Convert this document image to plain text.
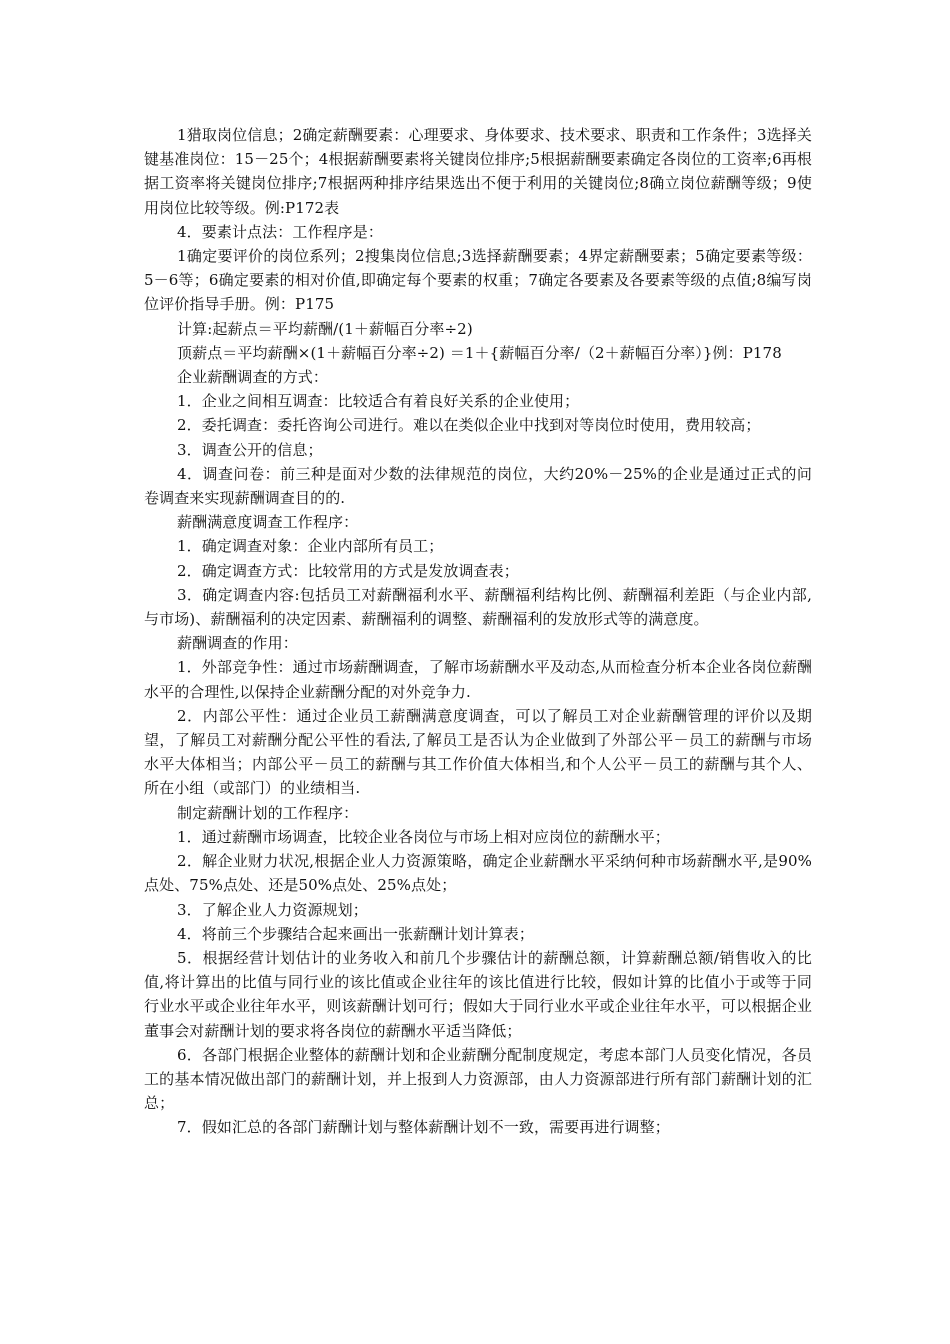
1猎取岗位信息；2确定薪酬要素：心理要求、身体要求、技术要求、职责和工作条件；3选择关键基准岗位：15－25个；4根据薪酬要素将关键岗位排序;5根据薪酬要素确定各岗位的工资率;6再根据工资率将关键岗位排序;7根据两种排序结果选出不便于利用的关键岗位;8确立岗位薪酬等级；9使用岗位比较等级。例:P172表

4．要素计点法：工作程序是：

1确定要评价的岗位系列；2搜集岗位信息;3选择薪酬要素；4界定薪酬要素；5确定要素等级：5－6等；6确定要素的相对价值,即确定每个要素的权重；7确定各要素及各要素等级的点值;8编写岗位评价指导手册。例：P175

计算:起薪点＝平均薪酬/(1＋薪幅百分率÷2)

顶薪点＝平均薪酬×(1＋薪幅百分率÷2) ＝1＋{薪幅百分率/（2＋薪幅百分率）}例：P178

企业薪酬调查的方式：

1．企业之间相互调查：比较适合有着良好关系的企业使用；

2．委托调查：委托咨询公司进行。难以在类似企业中找到对等岗位时使用，费用较高；

3．调查公开的信息；

4．调查问卷：前三种是面对少数的法律规范的岗位，大约20%－25%的企业是通过正式的问卷调查来实现薪酬调查目的的.

薪酬满意度调查工作程序：

1．确定调查对象：企业内部所有员工；

2．确定调查方式：比较常用的方式是发放调查表；

3．确定调查内容:包括员工对薪酬福利水平、薪酬福利结构比例、薪酬福利差距（与企业内部,与市场)、薪酬福利的决定因素、薪酬福利的调整、薪酬福利的发放形式等的满意度。

薪酬调查的作用：

1．外部竞争性：通过市场薪酬调查，了解市场薪酬水平及动态,从而检查分析本企业各岗位薪酬水平的合理性,以保持企业薪酬分配的对外竞争力.

2．内部公平性：通过企业员工薪酬满意度调查，可以了解员工对企业薪酬管理的评价以及期望，了解员工对薪酬分配公平性的看法,了解员工是否认为企业做到了外部公平－员工的薪酬与市场水平大体相当；内部公平－员工的薪酬与其工作价值大体相当,和个人公平－员工的薪酬与其个人、所在小组（或部门）的业绩相当.

制定薪酬计划的工作程序：

1．通过薪酬市场调查，比较企业各岗位与市场上相对应岗位的薪酬水平；

2．解企业财力状况,根据企业人力资源策略，确定企业薪酬水平采纳何种市场薪酬水平,是90%点处、75%点处、还是50%点处、25%点处；

3．了解企业人力资源规划；

4．将前三个步骤结合起来画出一张薪酬计划计算表；

5．根据经营计划估计的业务收入和前几个步骤估计的薪酬总额，计算薪酬总额/销售收入的比值,将计算出的比值与同行业的该比值或企业往年的该比值进行比较，假如计算的比值小于或等于同行业水平或企业往年水平，则该薪酬计划可行；假如大于同行业水平或企业往年水平，可以根据企业董事会对薪酬计划的要求将各岗位的薪酬水平适当降低；

6．各部门根据企业整体的薪酬计划和企业薪酬分配制度规定，考虑本部门人员变化情况，各员工的基本情况做出部门的薪酬计划，并上报到人力资源部，由人力资源部进行所有部门薪酬计划的汇总；

7．假如汇总的各部门薪酬计划与整体薪酬计划不一致，需要再进行调整；
